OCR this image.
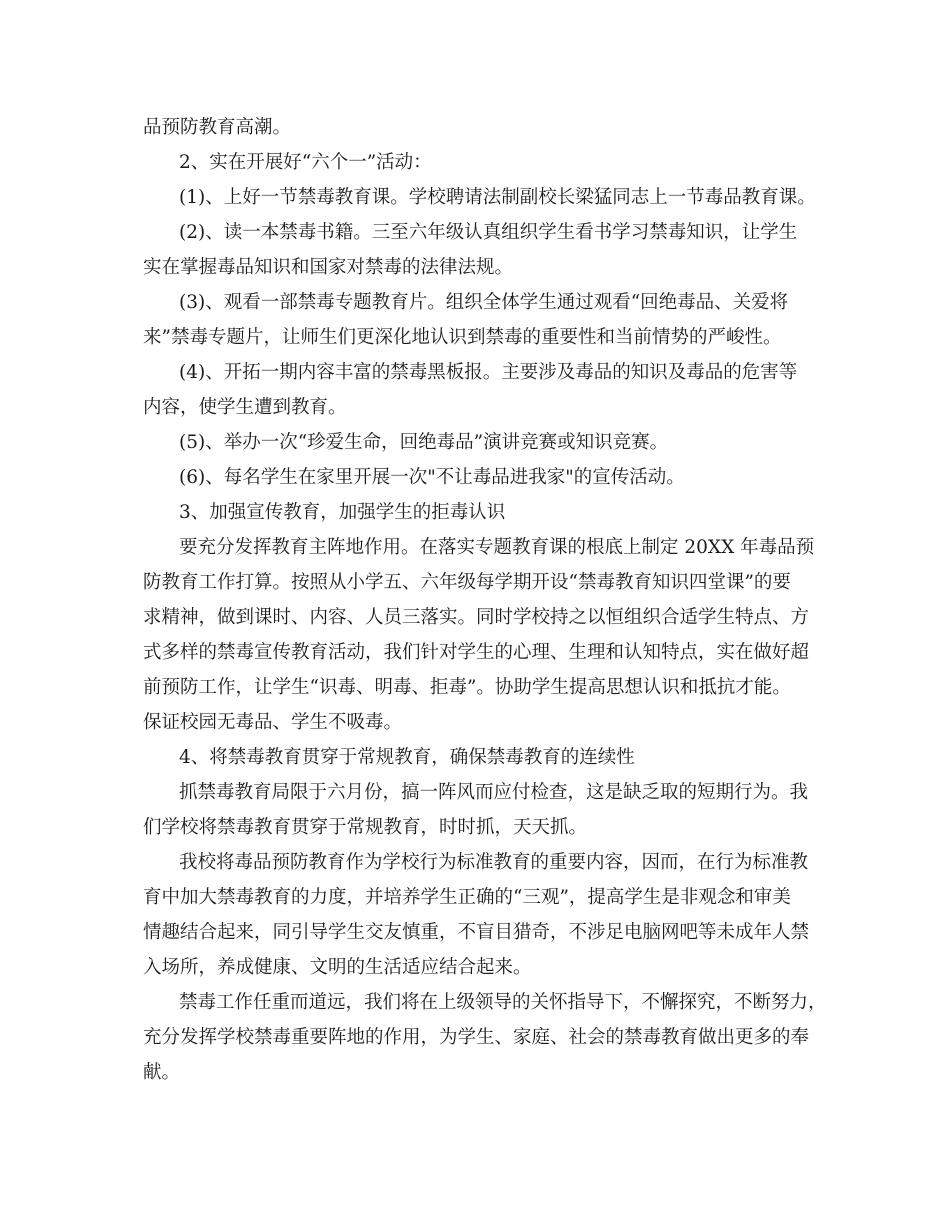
品预防教育高潮。
2、实在开展好“六个一”活动：
(1)、上好一节禁毒教育课。学校聘请法制副校长梁猛同志上一节毒品教育课。
(2)、读一本禁毒书籍。三至六年级认真组织学生看书学习禁毒知识，让学生
实在掌握毒品知识和国家对禁毒的法律法规。
(3)、观看一部禁毒专题教育片。组织全体学生通过观看“回绝毒品、关爱将
来”禁毒专题片，让师生们更深化地认识到禁毒的重要性和当前情势的严峻性。
(4)、开拓一期内容丰富的禁毒黑板报。主要涉及毒品的知识及毒品的危害等
内容，使学生遭到教育。
(5)、举办一次“珍爱生命，回绝毒品”演讲竞赛或知识竞赛。
(6)、每名学生在家里开展一次"不让毒品进我家"的宣传活动。
3、加强宣传教育，加强学生的拒毒认识
要充分发挥教育主阵地作用。在落实专题教育课的根底上制定 20XX 年毒品预
防教育工作打算。按照从小学五、六年级每学期开设“禁毒教育知识四堂课”的要
求精神，做到课时、内容、人员三落实。同时学校持之以恒组织合适学生特点、方
式多样的禁毒宣传教育活动，我们针对学生的心理、生理和认知特点，实在做好超
前预防工作，让学生“识毒、明毒、拒毒”。协助学生提高思想认识和抵抗才能。
保证校园无毒品、学生不吸毒。
4、将禁毒教育贯穿于常规教育，确保禁毒教育的连续性
抓禁毒教育局限于六月份，搞一阵风而应付检查，这是缺乏取的短期行为。我
们学校将禁毒教育贯穿于常规教育，时时抓，天天抓。
我校将毒品预防教育作为学校行为标准教育的重要内容，因而，在行为标准教
育中加大禁毒教育的力度，并培养学生正确的“三观”，提高学生是非观念和审美
情趣结合起来，同引导学生交友慎重，不盲目猎奇，不涉足电脑网吧等未成年人禁
入场所，养成健康、文明的生活适应结合起来。
禁毒工作任重而道远，我们将在上级领导的关怀指导下，不懈探究，不断努力，
充分发挥学校禁毒重要阵地的作用，为学生、家庭、社会的禁毒教育做出更多的奉
献。
